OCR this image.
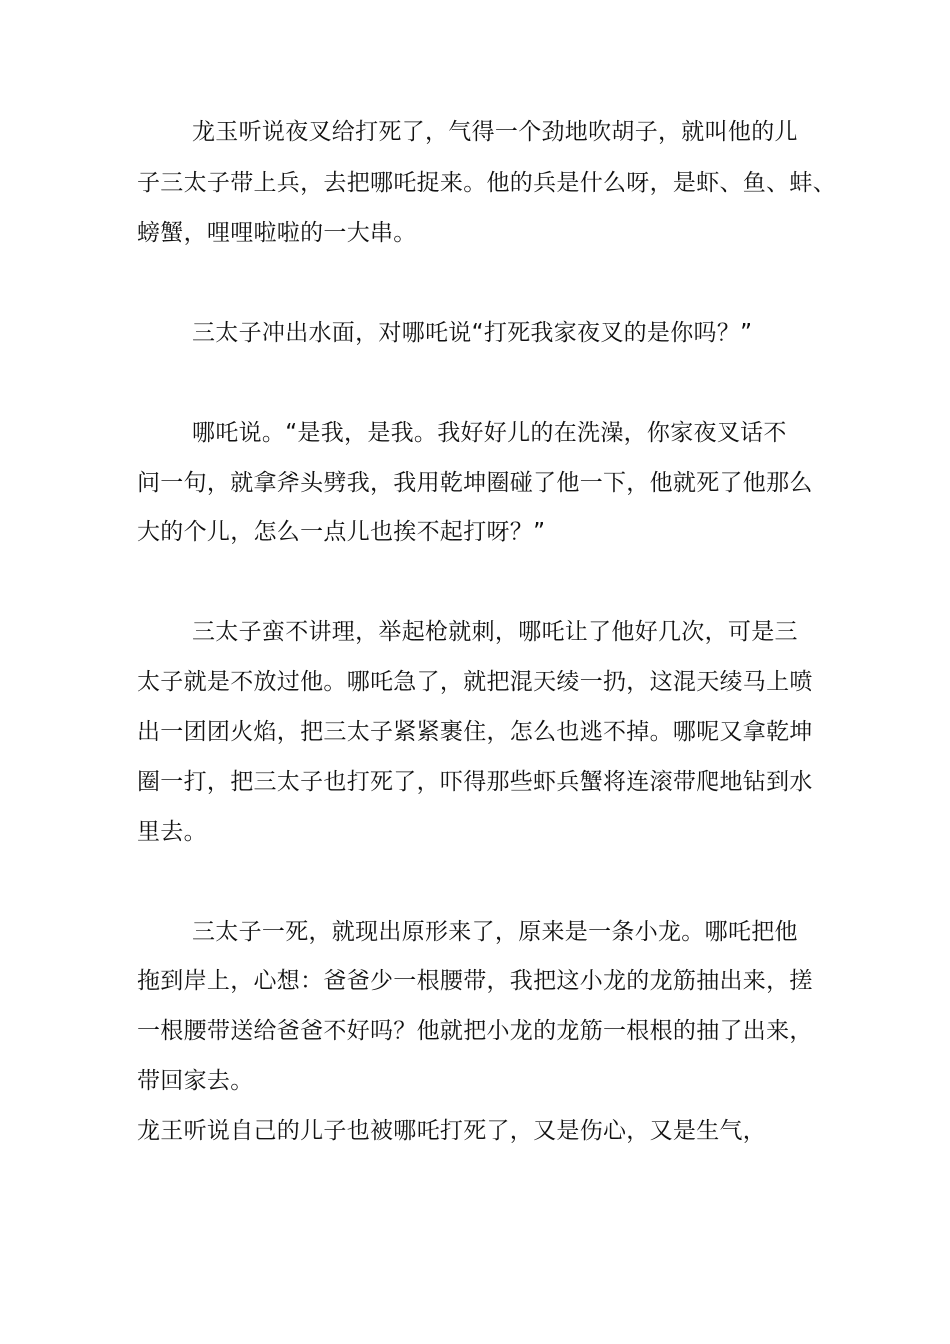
龙玉听说夜叉给打死了，气得一个劲地吹胡子，就叫他的儿
子三太子带上兵，去把哪吒捉来。他的兵是什么呀，是虾、鱼、蚌、
螃蟹，哩哩啦啦的一大串。
三太子冲出水面，对哪吒说“打死我家夜叉的是你吗？”
哪吒说。“是我，是我。我好好儿的在洗澡，你家夜叉话不
问一句，就拿斧头劈我，我用乾坤圈碰了他一下，他就死了他那么
大的个儿，怎么一点儿也挨不起打呀？”
三太子蛮不讲理，举起枪就刺，哪吒让了他好几次，可是三
太子就是不放过他。哪吒急了，就把混天绫一扔，这混天绫马上喷
出一团团火焰，把三太子紧紧裹住，怎么也逃不掉。哪呢又拿乾坤
圈一打，把三太子也打死了，吓得那些虾兵蟹将连滚带爬地钻到水
里去。
三太子一死，就现出原形来了，原来是一条小龙。哪吒把他
拖到岸上，心想：爸爸少一根腰带，我把这小龙的龙筋抽出来，搓
一根腰带送给爸爸不好吗？他就把小龙的龙筋一根根的抽了出来，
带回家去。
龙王听说自己的儿子也被哪吒打死了，又是伤心，又是生气，
